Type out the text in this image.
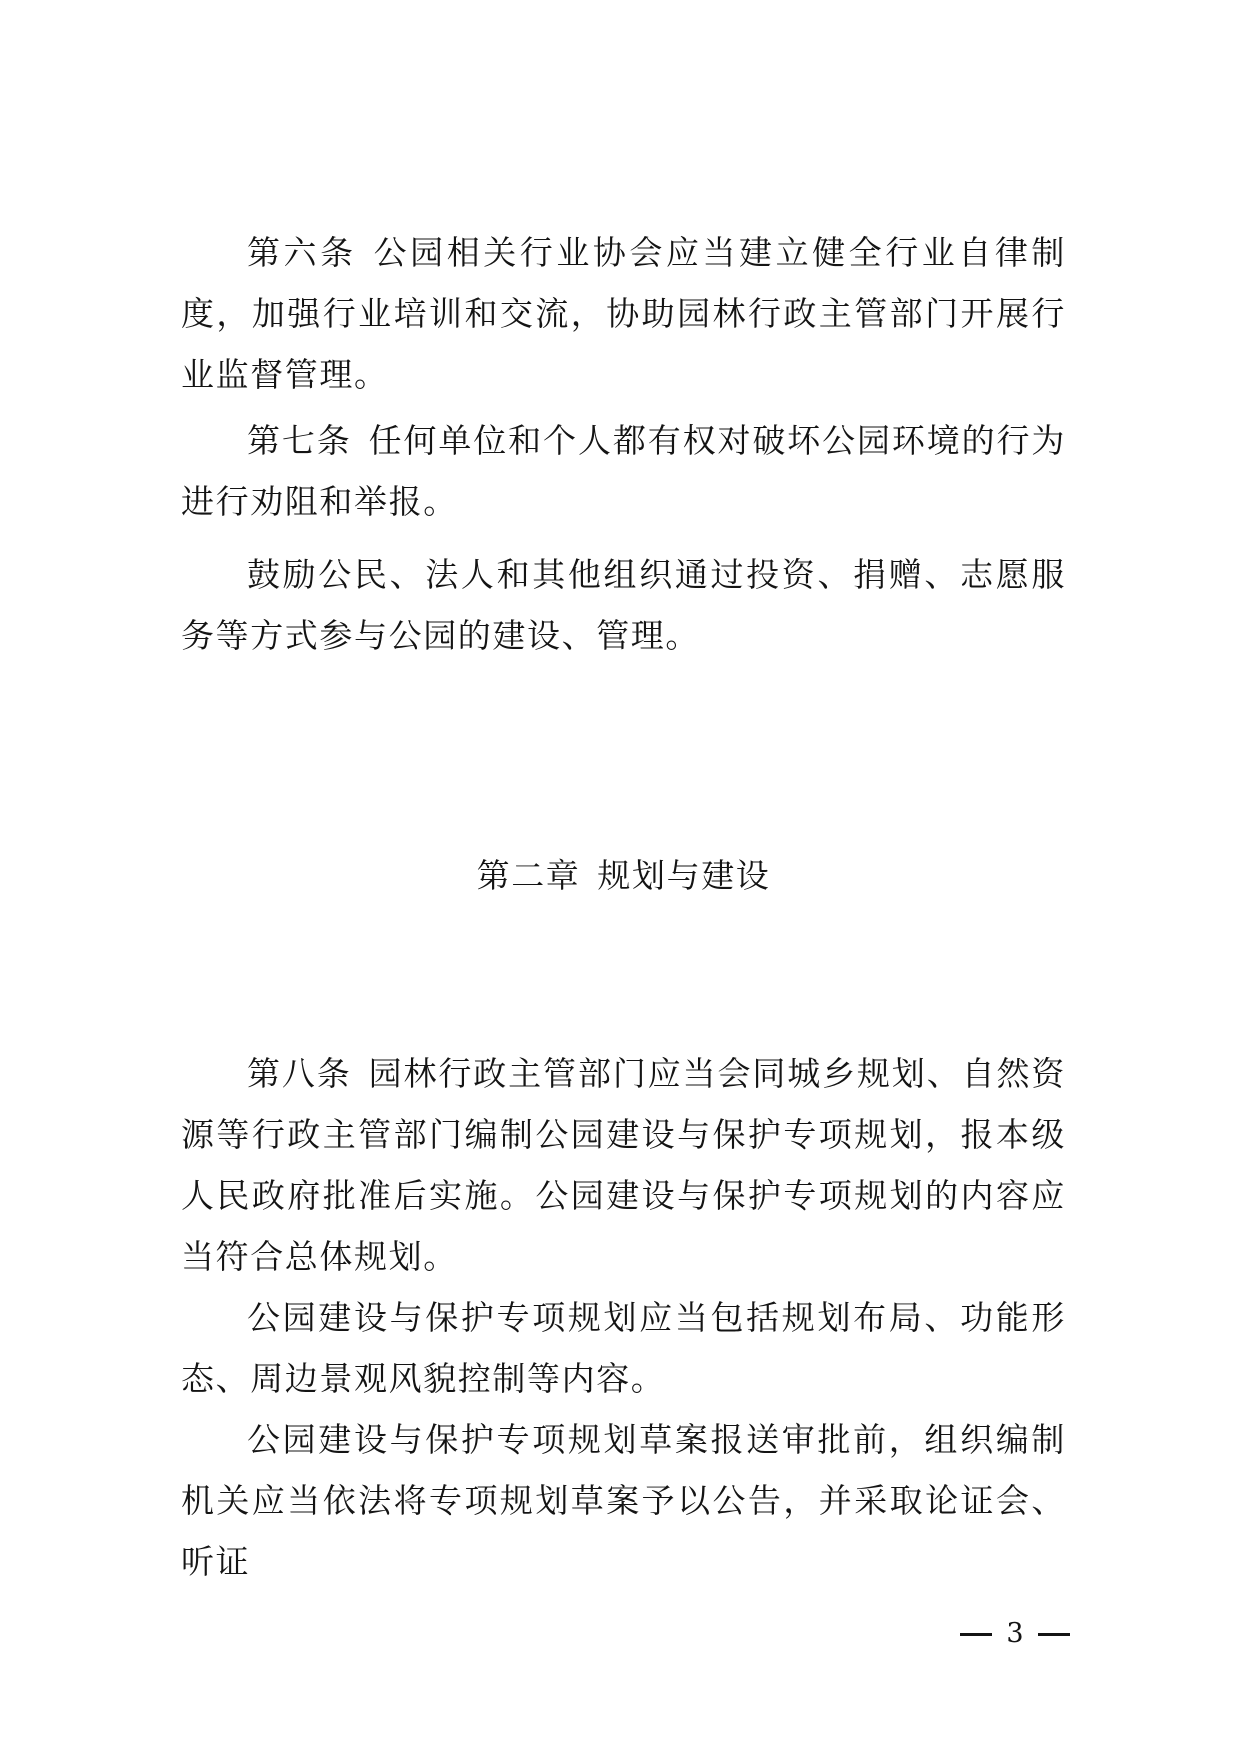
第六条 公园相关行业协会应当建立健全行业自律制度，加强行业培训和交流，协助园林行政主管部门开展行业监督管理。

第七条 任何单位和个人都有权对破坏公园环境的行为进行劝阻和举报。

鼓励公民、法人和其他组织通过投资、捐赠、志愿服务等方式参与公园的建设、管理。

第二章 规划与建设

第八条 园林行政主管部门应当会同城乡规划、自然资源等行政主管部门编制公园建设与保护专项规划，报本级人民政府批准后实施。公园建设与保护专项规划的内容应当符合总体规划。

公园建设与保护专项规划应当包括规划布局、功能形态、周边景观风貌控制等内容。

公园建设与保护专项规划草案报送审批前，组织编制机关应当依法将专项规划草案予以公告，并采取论证会、听证

3
